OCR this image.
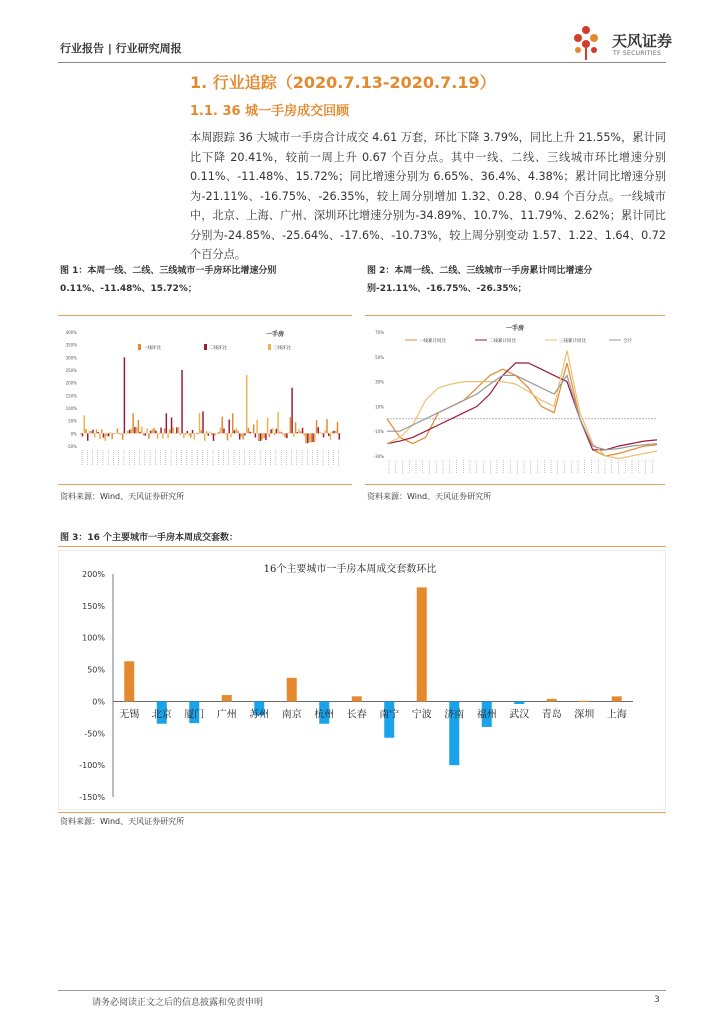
行业报告 | 行业研究周报	天风证券
TF SECURITIES
1. 行业追踪（2020.7.13-2020.7.19）
1.1. 36 城一手房成交回顾
本周跟踪 36 大城市一手房合计成交 4.61 万套，环比下降 3.79%，同比上升 21.55%，累计同比下降 20.41%，较前一周上升 0.67 个百分点。其中一线、二线、三线城市环比增速分别 0.11%、-11.48%、15.72%；同比增速分别为 6.65%、36.4%、4.38%；累计同比增速分别为-21.11%、-16.75%、-26.35%，较上周分别增加 1.32、0.28、0.94 个百分点。一线城市中，北京、上海、广州、深圳环比增速分别为-34.89%、10.7%、11.79%、2.62%；累计同比分别为-24.85%、-25.64%、-17.6%、-10.73%，较上周分别变动 1.57、1.22、1.64、0.72 个百分点。
图 1：本周一线、二线、三线城市一手房环比增速分别 0.11%、-11.48%、15.72%；
一手房
400%
350%
300%
250%
200%
150%
100%
50%
0%
-50%
一线环比	二线环比	三线环比
资料来源：Wind、天风证券研究所
图 2：本周一线、二线、三线城市一手房累计同比增速分别-21.11%、-16.75%、-26.35%；
一手房
70%
50%
30%
10%
-10%
-30%
一线累计同比	二线累计同比	三线累计同比	合计
资料来源：Wind、天风证券研究所
图 3：16 个主要城市一手房本周成交套数：
16个主要城市一手房本周成交套数环比
200%
150%
100%
50%
0%
-50%
-100%
-150%
无锡 北京 厦门 广州 苏州 南京 杭州 长春 南宁 宁波 济南 福州 武汉 青岛 深圳 上海
资料来源：Wind、天风证券研究所
请务必阅读正文之后的信息披露和免责申明	3
